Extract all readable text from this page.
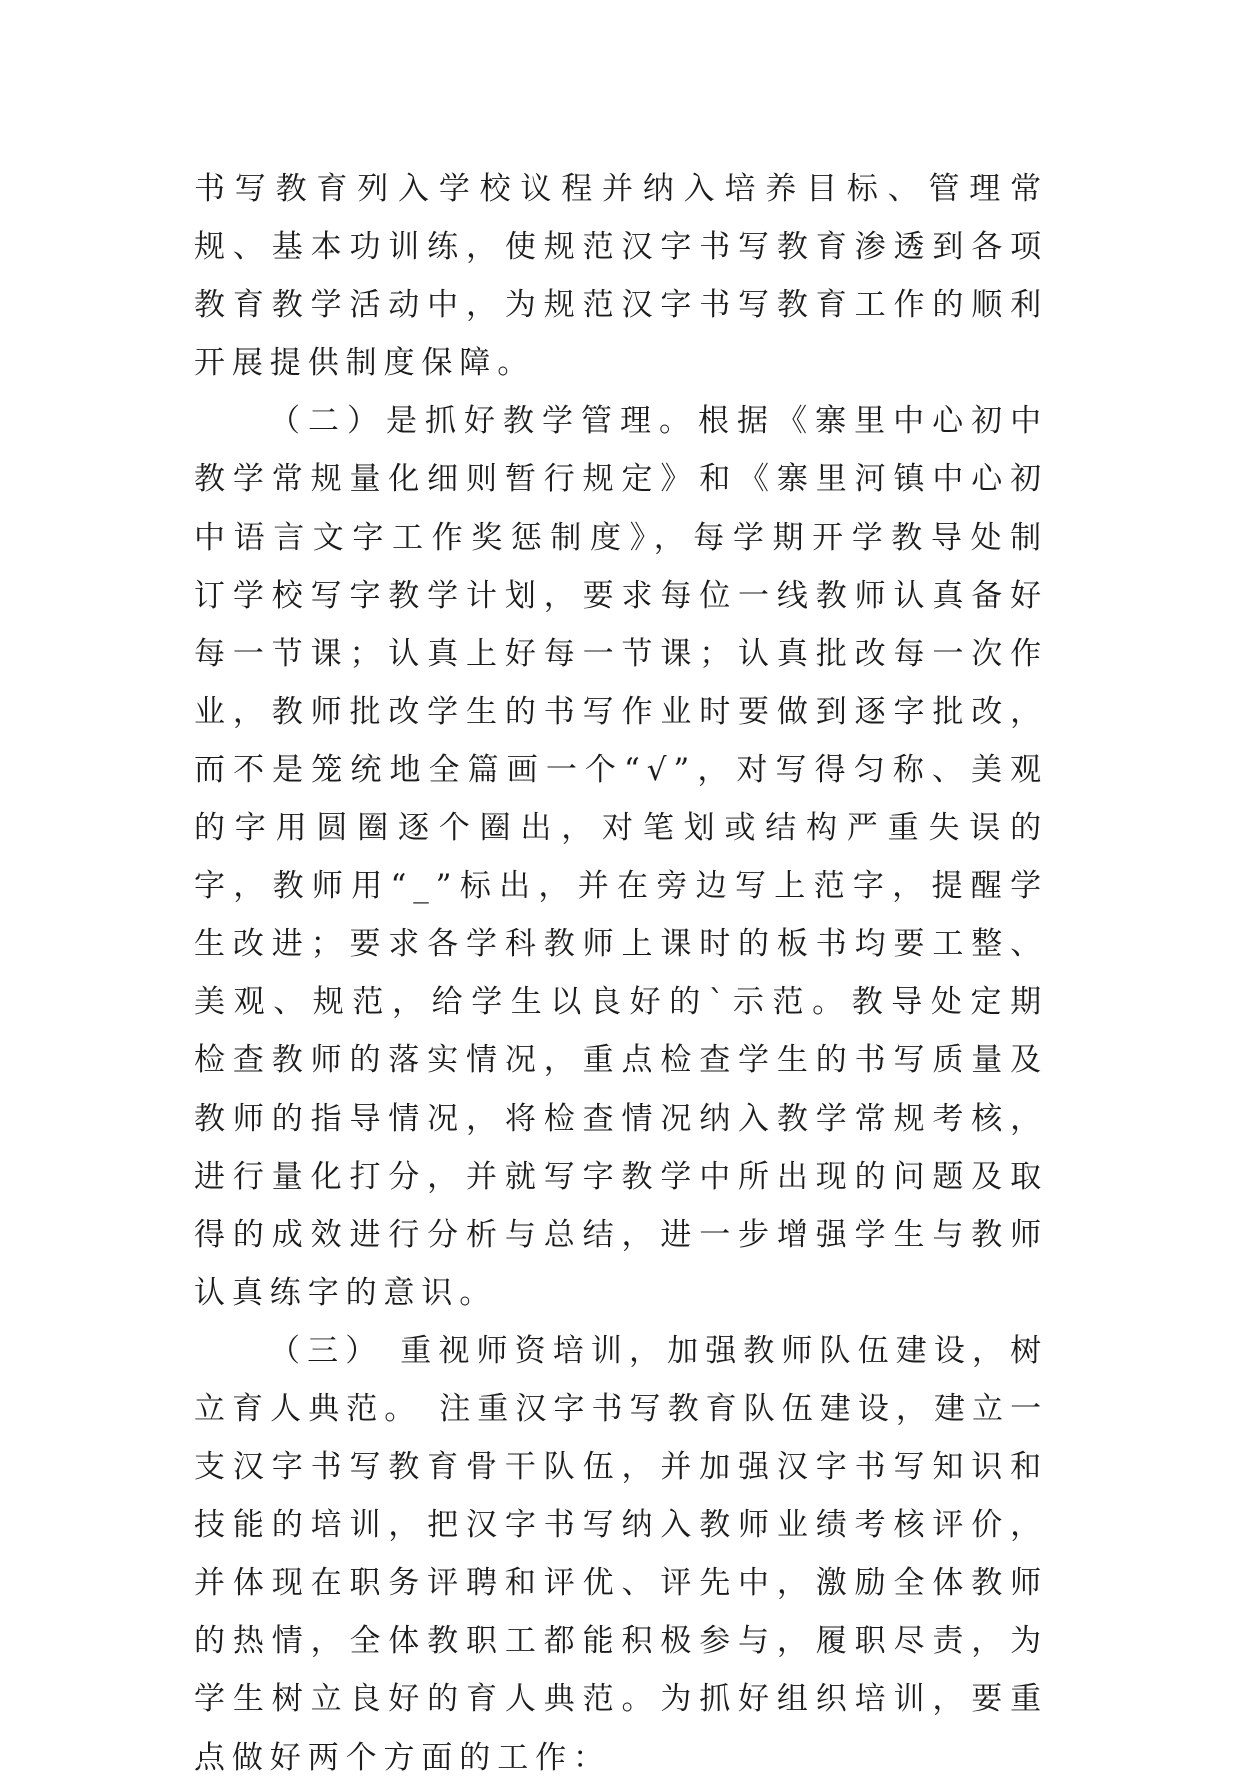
书写教育列入学校议程并纳入培养目标、管理常规、基本功训练，使规范汉字书写教育渗透到各项教育教学活动中，为规范汉字书写教育工作的顺利开展提供制度保障。

（二）是抓好教学管理。根据《寨里中心初中教学常规量化细则暂行规定》和《寨里河镇中心初中语言文字工作奖惩制度》，每学期开学教导处制订学校写字教学计划，要求每位一线教师认真备好每一节课；认真上好每一节课；认真批改每一次作业，教师批改学生的书写作业时要做到逐字批改，而不是笼统地全篇画一个“√”，对写得匀称、美观的字用圆圈逐个圈出，对笔划或结构严重失误的字，教师用“_”标出，并在旁边写上范字，提醒学生改进；要求各学科教师上课时的板书均要工整、美观、规范，给学生以良好的`示范。教导处定期检查教师的落实情况，重点检查学生的书写质量及教师的指导情况，将检查情况纳入教学常规考核，进行量化打分，并就写字教学中所出现的问题及取得的成效进行分析与总结，进一步增强学生与教师认真练字的意识。

（三） 重视师资培训，加强教师队伍建设，树立育人典范。 注重汉字书写教育队伍建设，建立一支汉字书写教育骨干队伍，并加强汉字书写知识和技能的培训，把汉字书写纳入教师业绩考核评价，并体现在职务评聘和评优、评先中，激励全体教师的热情，全体教职工都能积极参与，履职尽责，为学生树立良好的育人典范。为抓好组织培训，要重点做好两个方面的工作：
